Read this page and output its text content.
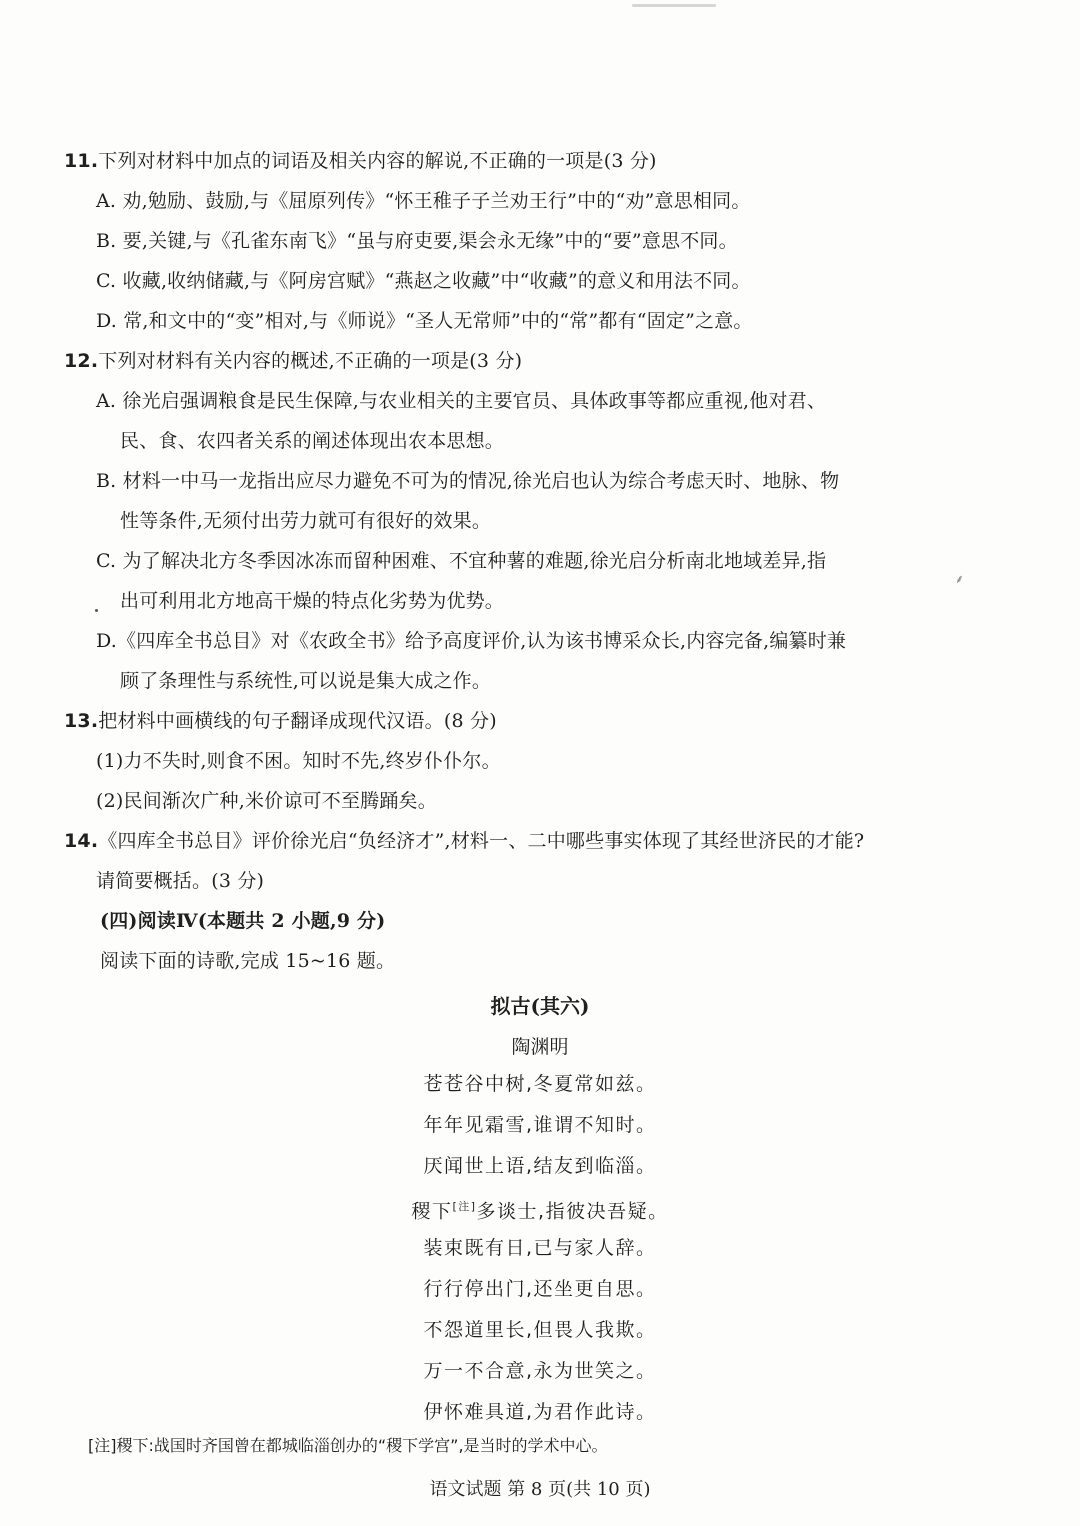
11.下列对材料中加点的词语及相关内容的解说,不正确的一项是(3 分)
A. 劝,勉励、鼓励,与《屈原列传》“怀王稚子子兰劝王行”中的“劝”意思相同。
B. 要,关键,与《孔雀东南飞》“虽与府吏要,渠会永无缘”中的“要”意思不同。
C. 收藏,收纳储藏,与《阿房宫赋》“燕赵之收藏”中“收藏”的意义和用法不同。
D. 常,和文中的“变”相对,与《师说》“圣人无常师”中的“常”都有“固定”之意。
12.下列对材料有关内容的概述,不正确的一项是(3 分)
A. 徐光启强调粮食是民生保障,与农业相关的主要官员、具体政事等都应重视,他对君、
民、食、农四者关系的阐述体现出农本思想。
B. 材料一中马一龙指出应尽力避免不可为的情况,徐光启也认为综合考虑天时、地脉、物
性等条件,无须付出劳力就可有很好的效果。
C. 为了解决北方冬季因冰冻而留种困难、不宜种薯的难题,徐光启分析南北地域差异,指
⸙
出可利用北方地高干燥的特点化劣势为优势。
D.《四库全书总目》对《农政全书》给予高度评价,认为该书博采众长,内容完备,编纂时兼
顾了条理性与系统性,可以说是集大成之作。
13.把材料中画横线的句子翻译成现代汉语。(8 分)
(1)力不失时,则食不困。知时不先,终岁仆仆尔。
(2)民间渐次广种,米价谅可不至腾踊矣。
14.《四库全书总目》评价徐光启“负经济才”,材料一、二中哪些事实体现了其经世济民的才能?
请简要概括。(3 分)
(四)阅读Ⅳ(本题共 2 小题,9 分)
阅读下面的诗歌,完成 15~16 题。
拟古(其六)
陶渊明
苍苍谷中树,冬夏常如兹。
年年见霜雪,谁谓不知时。
厌闻世上语,结友到临淄。
稷下[注]多谈士,指彼决吾疑。
装束既有日,已与家人辞。
行行停出门,还坐更自思。
不怨道里长,但畏人我欺。
万一不合意,永为世笑之。
伊怀难具道,为君作此诗。
[注]稷下:战国时齐国曾在都城临淄创办的“稷下学宫”,是当时的学术中心。
语文试题 第 8 页(共 10 页)
